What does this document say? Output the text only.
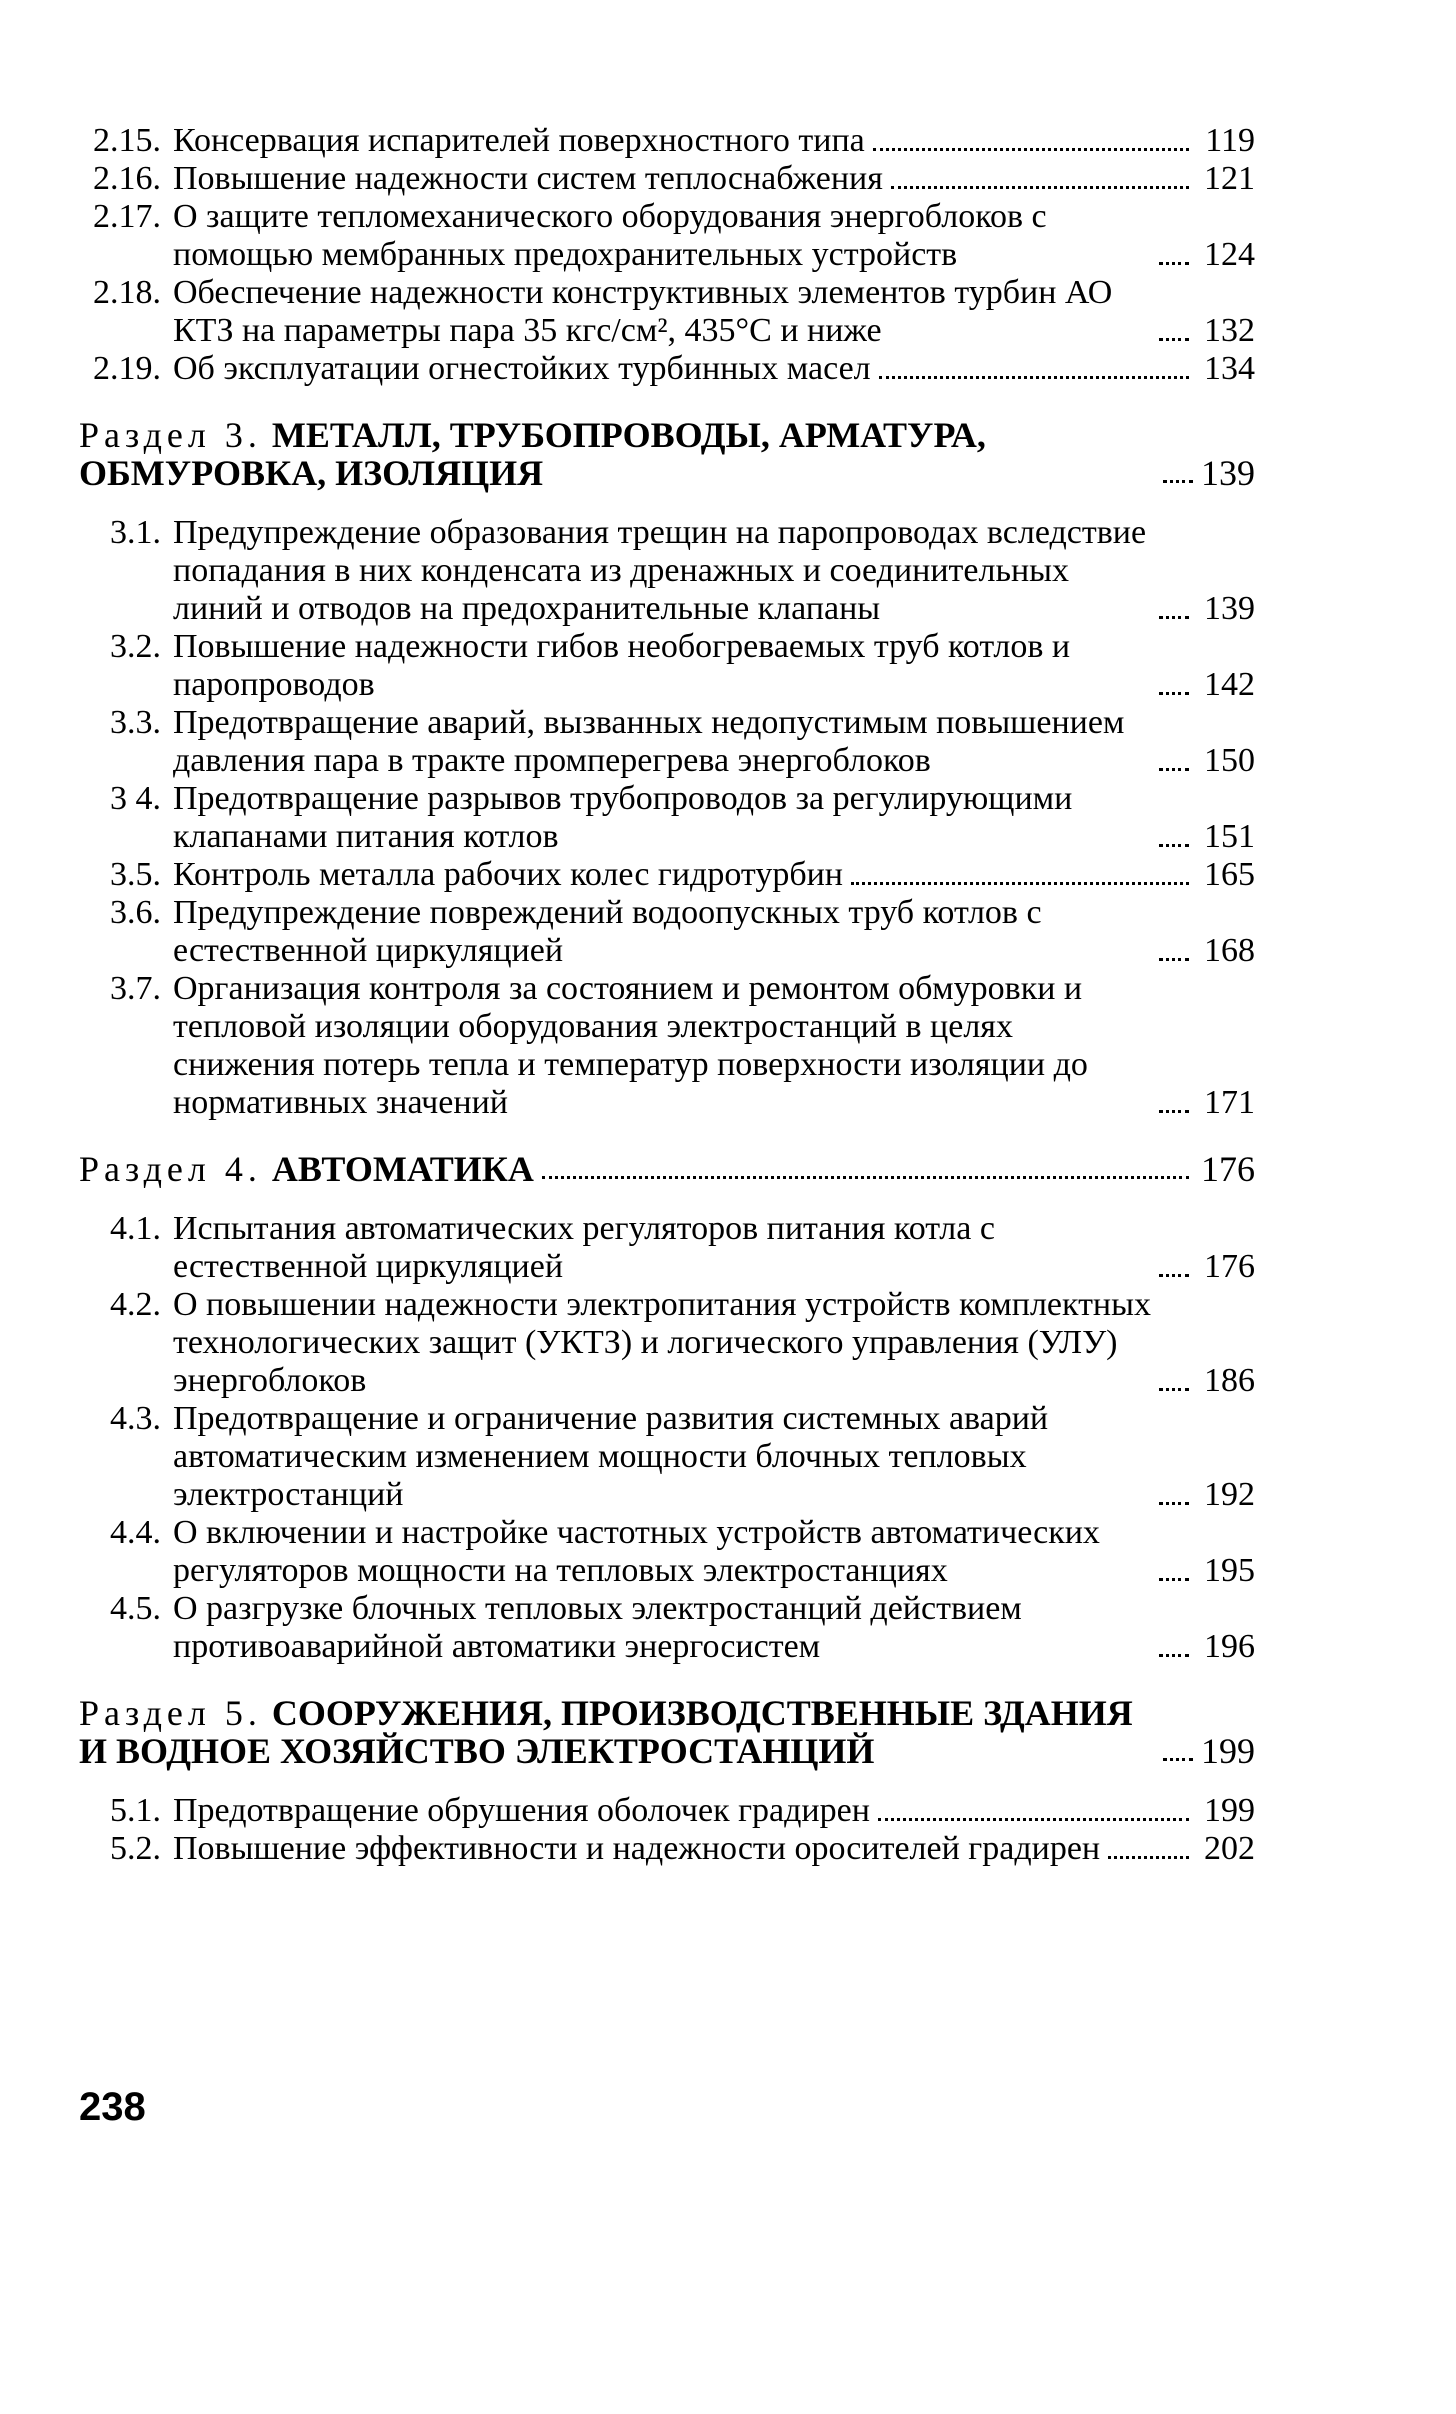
2.15. Консервация испарителей поверхностного типа	119
2.16. Повышение надежности систем теплоснабжения	121
2.17. О защите тепломеханического оборудования энергоблоков с помощью мембранных предохранительных устройств	124
2.18. Обеспечение надежности конструктивных элементов турбин АО КТЗ на параметры пара 35 кгс/см², 435°С и ниже	132
2.19. Об эксплуатации огнестойких турбинных масел	134
Раздел 3. МЕТАЛЛ, ТРУБОПРОВОДЫ, АРМАТУРА, ОБМУРОВКА, ИЗОЛЯЦИЯ	139
3.1. Предупреждение образования трещин на паропроводах вследствие попадания в них конденсата из дренажных и соединительных линий и отводов на предохранительные клапаны	139
3.2. Повышение надежности гибов необогреваемых труб котлов и паропроводов	142
3.3. Предотвращение аварий, вызванных недопустимым повышением давления пара в тракте промперегрева энергоблоков	150
3 4. Предотвращение разрывов трубопроводов за регулирующими клапанами питания котлов	151
3.5. Контроль металла рабочих колес гидротурбин	165
3.6. Предупреждение повреждений водоопускных труб котлов с естественной циркуляцией	168
3.7. Организация контроля за состоянием и ремонтом обмуровки и тепловой изоляции оборудования электростанций в целях снижения потерь тепла и температур поверхности изоляции до нормативных значений	171
Раздел 4. АВТОМАТИКА	176
4.1. Испытания автоматических регуляторов питания котла с естественной циркуляцией	176
4.2. О повышении надежности электропитания устройств комплектных технологических защит (УКТЗ) и логического управления (УЛУ) энергоблоков	186
4.3. Предотвращение и ограничение развития системных аварий автоматическим изменением мощности блочных тепловых электростанций	192
4.4. О включении и настройке частотных устройств автоматических регуляторов мощности на тепловых электростанциях	195
4.5. О разгрузке блочных тепловых электростанций действием противоаварийной автоматики энергосистем	196
Раздел 5. СООРУЖЕНИЯ, ПРОИЗВОДСТВЕННЫЕ ЗДАНИЯ И ВОДНОЕ ХОЗЯЙСТВО ЭЛЕКТРОСТАНЦИЙ	199
5.1. Предотвращение обрушения оболочек градирен	199
5.2. Повышение эффективности и надежности оросителей градирен	202
238
